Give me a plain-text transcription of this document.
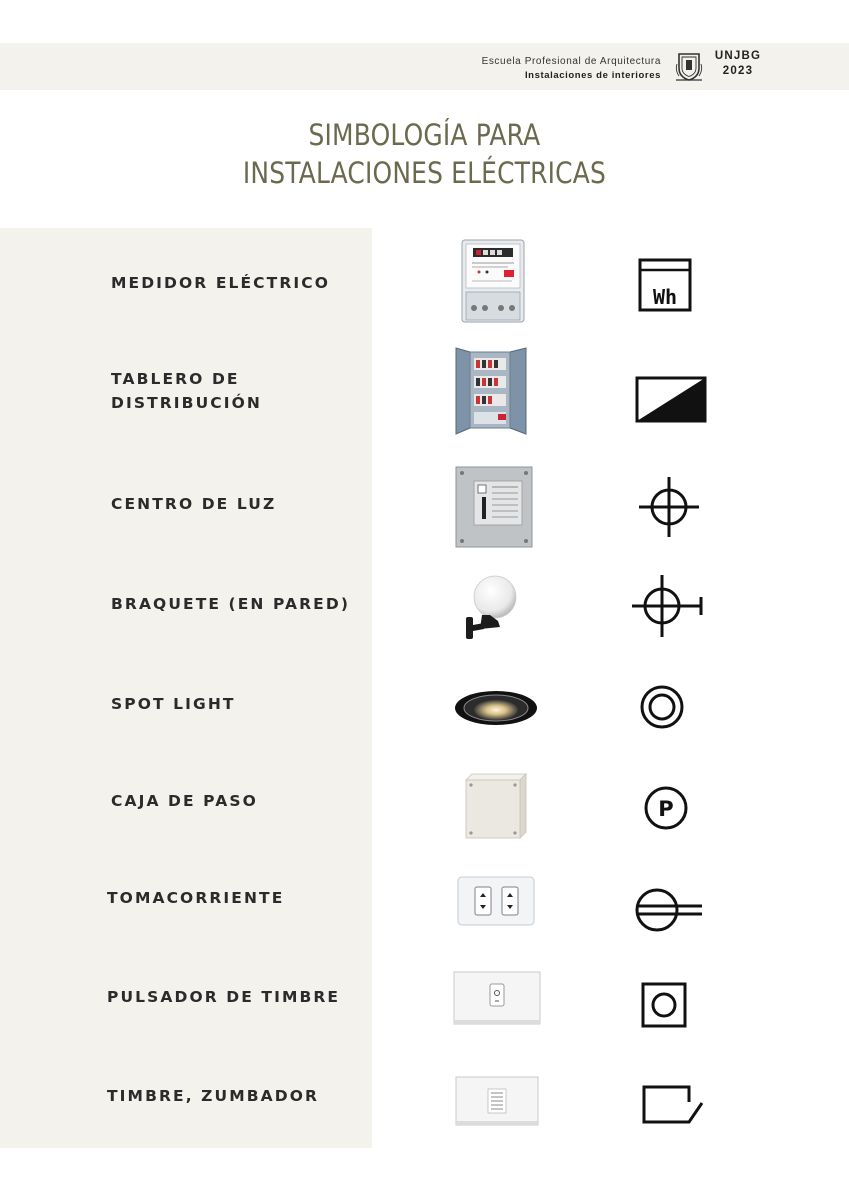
Escuela Profesional de Arquitectura
Instalaciones de interiores
UNJBG
2023
SIMBOLOGÍA PARA
INSTALACIONES ELÉCTRICAS
MEDIDOR ELÉCTRICO
Wh
TABLERO DE DISTRIBUCIÓN
CENTRO DE LUZ
BRAQUETE (EN PARED)
SPOT LIGHT
CAJA DE PASO	P
TOMACORRIENTE
PULSADOR DE TIMBRE
TIMBRE, ZUMBADOR
